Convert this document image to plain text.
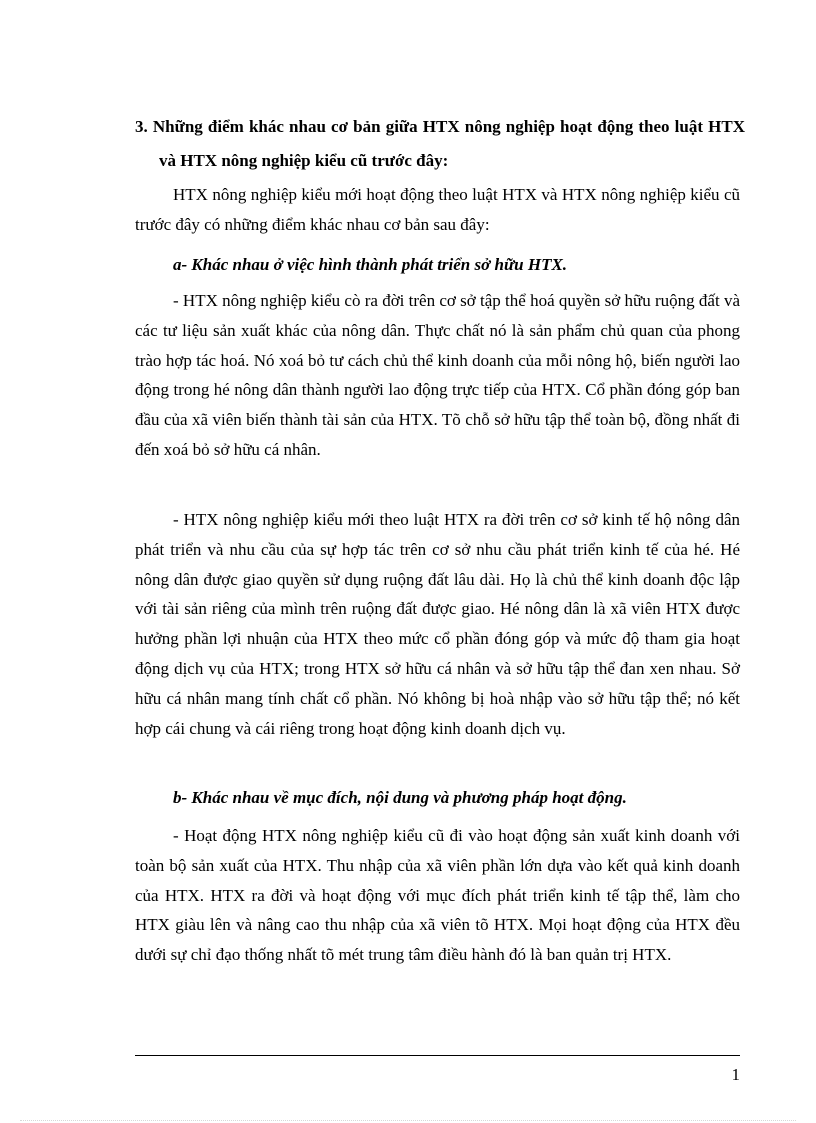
3. Những điểm khác nhau cơ bản giữa HTX nông nghiệp hoạt động theo luật HTX và HTX nông nghiệp kiểu cũ trước đây:

HTX nông nghiệp kiểu mới hoạt động theo luật HTX và HTX nông nghiệp kiểu cũ trước đây có những điểm khác nhau cơ bản sau đây:

a- Khác nhau ở việc hình thành phát triển sở hữu HTX.

- HTX nông nghiệp kiểu cò ra đời trên cơ sở tập thể hoá quyền sở hữu ruộng đất và các tư liệu sản xuất khác của nông dân. Thực chất nó là sản phẩm chủ quan của phong trào hợp tác hoá. Nó xoá bỏ tư cách chủ thể kinh doanh của mỗi nông hộ, biến người lao động trong hé nông dân thành người lao động trực tiếp của HTX. Cổ phần đóng góp ban đầu của xã viên biến thành tài sản của HTX. Tõ chỗ sở hữu tập thể toàn bộ, đồng nhất đi đến xoá bỏ sở hữu cá nhân.

- HTX nông nghiệp kiểu mới theo luật HTX ra đời trên cơ sở kinh tế hộ nông dân phát triển và nhu cầu của sự hợp tác trên cơ sở nhu cầu phát triển kinh tế của hé. Hé nông dân được giao quyền sử dụng ruộng đất lâu dài. Họ là chủ thể kinh doanh độc lập với tài sản riêng của mình trên ruộng đất được giao. Hé nông dân là xã viên HTX được hưởng phần lợi nhuận của HTX theo mức cổ phần đóng góp và mức độ tham gia hoạt động dịch vụ của HTX; trong HTX sở hữu cá nhân và sở hữu tập thể đan xen nhau. Sở hữu cá nhân mang tính chất cổ phần. Nó không bị hoà nhập vào sở hữu tập thể; nó kết hợp cái chung và cái riêng trong hoạt động kinh doanh dịch vụ.

b- Khác nhau về mục đích, nội dung và phương pháp hoạt động.

- Hoạt động HTX nông nghiệp kiểu cũ đi vào hoạt động sản xuất kinh doanh với toàn bộ sản xuất của HTX. Thu nhập của xã viên phần lớn dựa vào kết quả kinh doanh của HTX. HTX ra đời và hoạt động với mục đích phát triển kinh tế tập thể, làm cho HTX giàu lên và nâng cao thu nhập của xã viên tõ HTX. Mọi hoạt động của HTX đều dưới sự chỉ đạo thống nhất tõ mét trung tâm điều hành đó là ban quản trị HTX.

1
